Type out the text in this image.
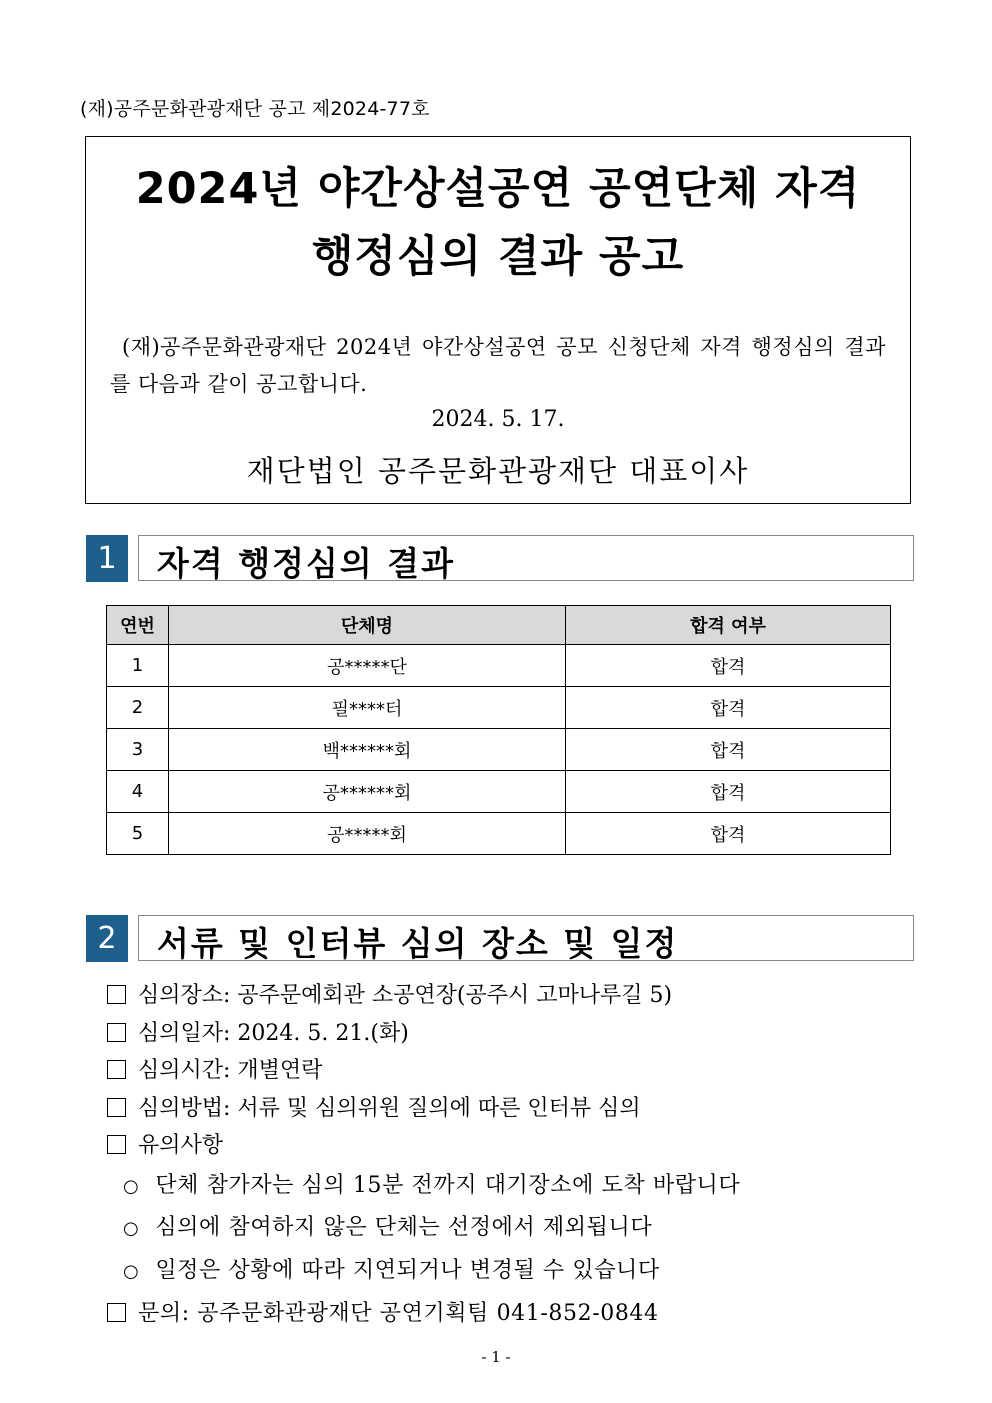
(재)공주문화관광재단 공고 제2024-77호
2024년 야간상설공연 공연단체 자격
행정심의 결과 공고
(재)공주문화관광재단 2024년 야간상설공연 공모 신청단체 자격 행정심의 결과를 다음과 같이 공고합니다.
2024. 5. 17.
재단법인 공주문화관광재단 대표이사
1	자격 행정심의 결과
연번	단체명	합격 여부
1	공*****단	합격
2	필****터	합격
3	백******회	합격
4	공******회	합격
5	공*****회	합격
2	서류 및 인터뷰 심의 장소 및 일정
심의장소: 공주문예회관 소공연장(공주시 고마나루길 5)
심의일자: 2024. 5. 21.(화)
심의시간: 개별연락
심의방법: 서류 및 심의위원 질의에 따른 인터뷰 심의
유의사항
○ 단체 참가자는 심의 15분 전까지 대기장소에 도착 바랍니다
○ 심의에 참여하지 않은 단체는 선정에서 제외됩니다
○ 일정은 상황에 따라 지연되거나 변경될 수 있습니다
문의: 공주문화관광재단 공연기획팀 041-852-0844
- 1 -
